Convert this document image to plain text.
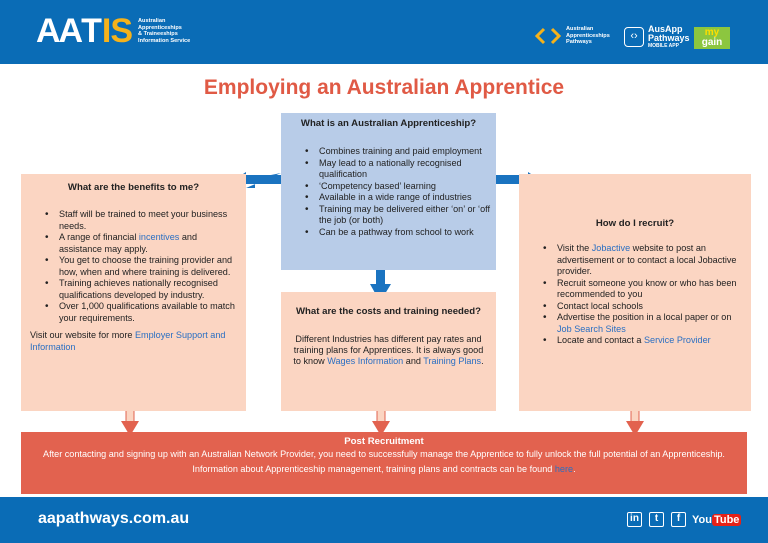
AA T IS Australian
Apprenticeships
& Traineeships
Information Service
Australian
Apprenticeships
Pathways	‹›
AusApp
Pathways
MOBILE APP
my
gain
Employing an Australian Apprentice
What is an Australian Apprenticeship?
• Combines training and paid employment
• May lead to a nationally recognised qualification
• ‘Competency based’ learning
• Available in a wide range of industries
• Training may be delivered either ‘on’ or ‘off the job (or both)
• Can be a pathway from school to work
What are the benefits to me?
• Staff will be trained to meet your business needs.
• A range of financial incentives and assistance may apply.
• You get to choose the training provider and how, when and where training is delivered.
• Training achieves nationally recognised qualifications developed by industry.
• Over 1,000 qualifications available to match your requirements.
Visit our website for more Employer Support and Information
What are the costs and training needed?
Different Industries has different pay rates and training plans for Apprentices. It is always good to know Wages Information and Training Plans.
How do I recruit?
• Visit the Jobactive website to post an advertisement or to contact a local Jobactive provider.
• Recruit someone you know or who has been recommended to you
• Contact local schools
• Advertise the position in a local paper or on Job Search Sites
• Locate and contact a Service Provider
Post Recruitment
After contacting and signing up with an Australian Network Provider, you need to successfully manage the Apprentice to fully unlock the full potential of an Apprenticeship.
Information about Apprenticeship management, training plans and contracts can be found here.
aapathways.com.au	in	t	f	You Tube
